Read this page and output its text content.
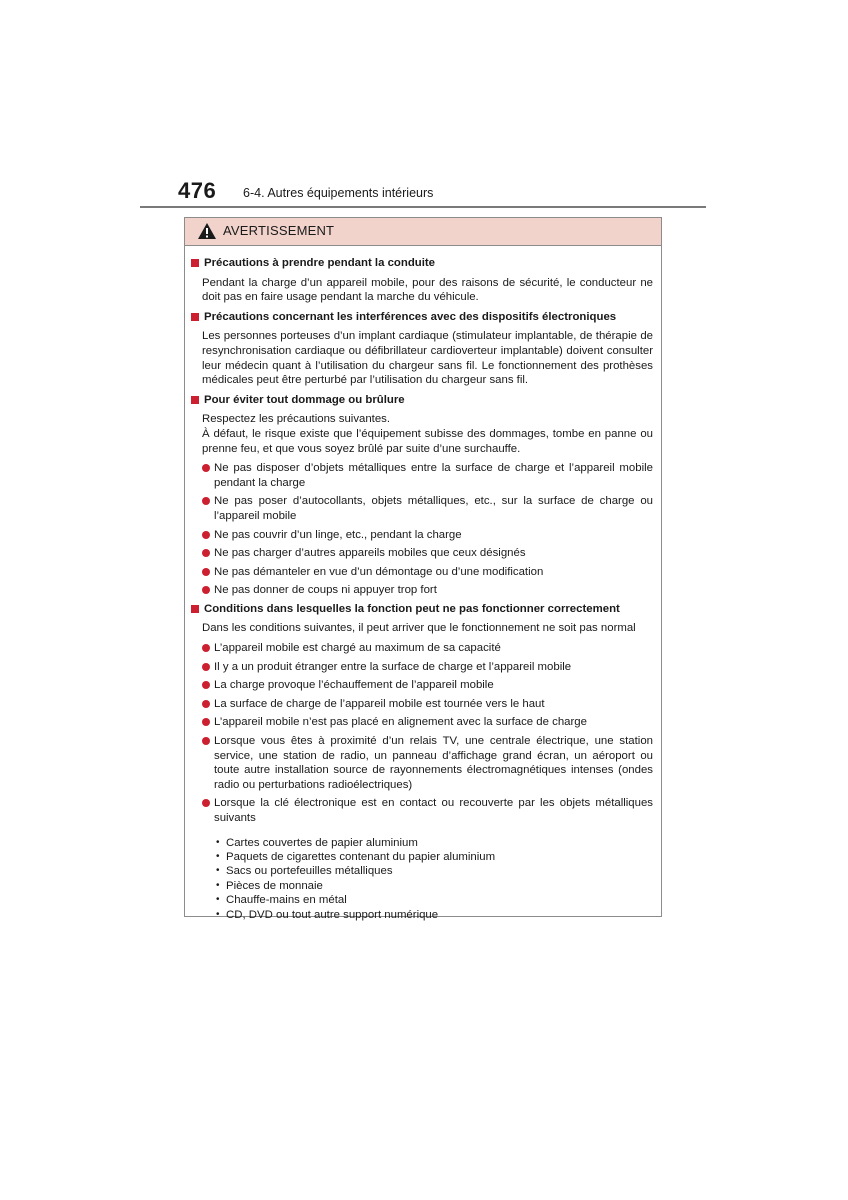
476 6-4. Autres équipements intérieurs
AVERTISSEMENT
Précautions à prendre pendant la conduite
Pendant la charge d’un appareil mobile, pour des raisons de sécurité, le conducteur ne doit pas en faire usage pendant la marche du véhicule.
Précautions concernant les interférences avec des dispositifs électroniques
Les personnes porteuses d’un implant cardiaque (stimulateur implantable, de thérapie de resynchronisation cardiaque ou défibrillateur cardioverteur implantable) doivent consulter leur médecin quant à l’utilisation du chargeur sans fil. Le fonctionnement des prothèses médicales peut être perturbé par l’utilisation du chargeur sans fil.
Pour éviter tout dommage ou brûlure
Respectez les précautions suivantes.
À défaut, le risque existe que l’équipement subisse des dommages, tombe en panne ou prenne feu, et que vous soyez brûlé par suite d’une surchauffe.
Ne pas disposer d’objets métalliques entre la surface de charge et l’appareil mobile pendant la charge
Ne pas poser d’autocollants, objets métalliques, etc., sur la surface de charge ou l’appareil mobile
Ne pas couvrir d’un linge, etc., pendant la charge
Ne pas charger d’autres appareils mobiles que ceux désignés
Ne pas démanteler en vue d’un démontage ou d’une modification
Ne pas donner de coups ni appuyer trop fort
Conditions dans lesquelles la fonction peut ne pas fonctionner correctement
Dans les conditions suivantes, il peut arriver que le fonctionnement ne soit pas normal
L’appareil mobile est chargé au maximum de sa capacité
Il y a un produit étranger entre la surface de charge et l’appareil mobile
La charge provoque l’échauffement de l’appareil mobile
La surface de charge de l’appareil mobile est tournée vers le haut
L’appareil mobile n’est pas placé en alignement avec la surface de charge
Lorsque vous êtes à proximité d’un relais TV, une centrale électrique, une station service, une station de radio, un panneau d’affichage grand écran, un aéroport ou toute autre installation source de rayonnements électromagnétiques intenses (ondes radio ou perturbations radioélectriques)
Lorsque la clé électronique est en contact ou recouverte par les objets métalliques suivants
• Cartes couvertes de papier aluminium
• Paquets de cigarettes contenant du papier aluminium
• Sacs ou portefeuilles métalliques
• Pièces de monnaie
• Chauffe-mains en métal
• CD, DVD ou tout autre support numérique
